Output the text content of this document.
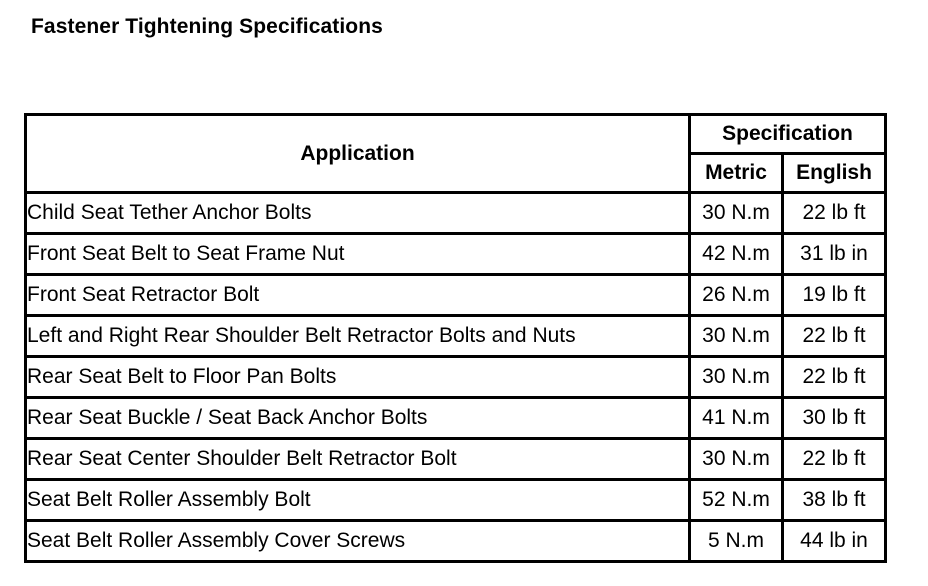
Fastener Tightening Specifications
Application	Specification	
	Metric	English
Child Seat Tether Anchor Bolts	30 N.m	22 lb ft
Front Seat Belt to Seat Frame Nut	42 N.m	31 lb in
Front Seat Retractor Bolt	26 N.m	19 lb ft
Left and Right Rear Shoulder Belt Retractor Bolts and Nuts	30 N.m	22 lb ft
Rear Seat Belt to Floor Pan Bolts	30 N.m	22 lb ft
Rear Seat Buckle / Seat Back Anchor Bolts	41 N.m	30 lb ft
Rear Seat Center Shoulder Belt Retractor Bolt	30 N.m	22 lb ft
Seat Belt Roller Assembly Bolt	52 N.m	38 lb ft
Seat Belt Roller Assembly Cover Screws	5 N.m	44 lb in
